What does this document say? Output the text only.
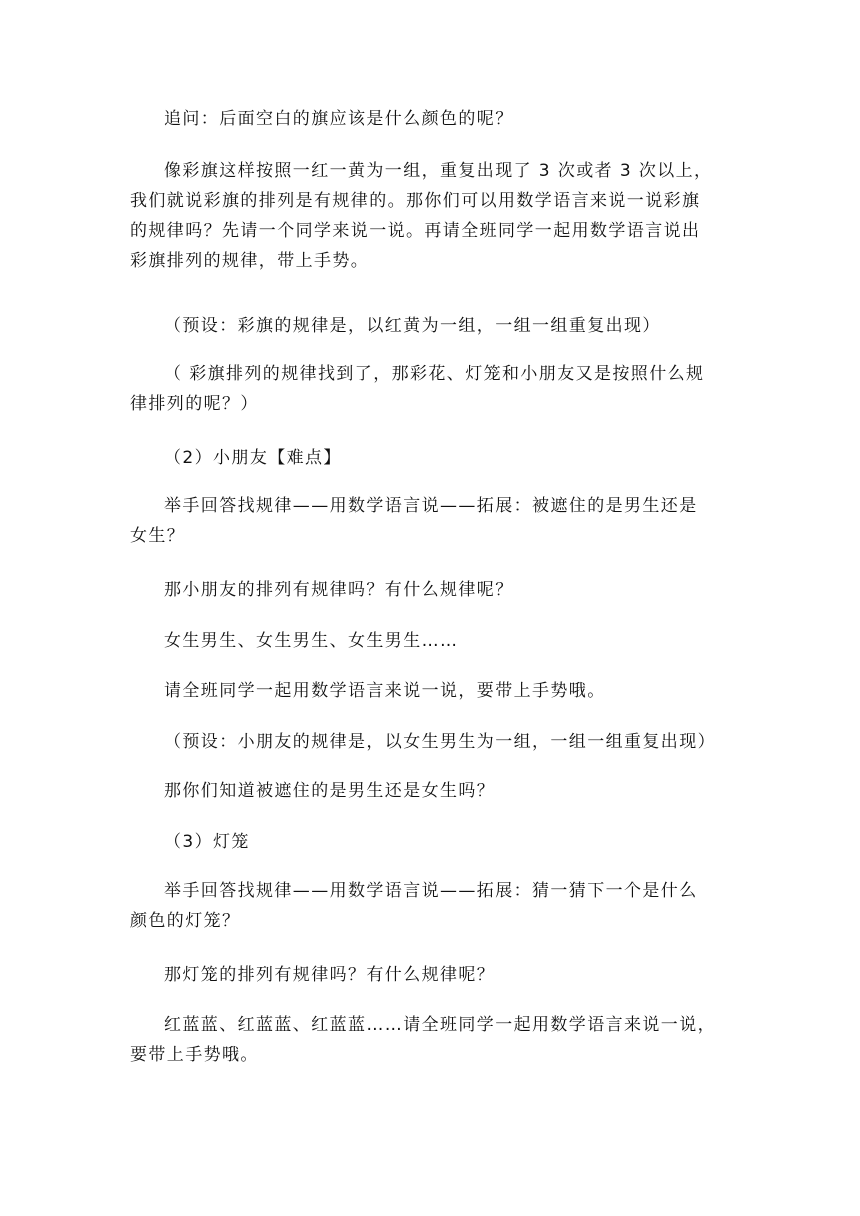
追问：后面空白的旗应该是什么颜色的呢？

像彩旗这样按照一红一黄为一组，重复出现了 3 次或者 3 次以上，
我们就说彩旗的排列是有规律的。那你们可以用数学语言来说一说彩旗
的规律吗？先请一个同学来说一说。再请全班同学一起用数学语言说出
彩旗排列的规律，带上手势。

（预设：彩旗的规律是，以红黄为一组，一组一组重复出现）

（ 彩旗排列的规律找到了，那彩花、灯笼和小朋友又是按照什么规
律排列的呢？）

（2）小朋友【难点】

举手回答找规律——用数学语言说——拓展：被遮住的是男生还是
女生？

那小朋友的排列有规律吗？有什么规律呢？

女生男生、女生男生、女生男生……

请全班同学一起用数学语言来说一说，要带上手势哦。

（预设：小朋友的规律是，以女生男生为一组，一组一组重复出现）

那你们知道被遮住的是男生还是女生吗？

（3）灯笼

举手回答找规律——用数学语言说——拓展：猜一猜下一个是什么
颜色的灯笼？

那灯笼的排列有规律吗？有什么规律呢？

红蓝蓝、红蓝蓝、红蓝蓝……请全班同学一起用数学语言来说一说，
要带上手势哦。
